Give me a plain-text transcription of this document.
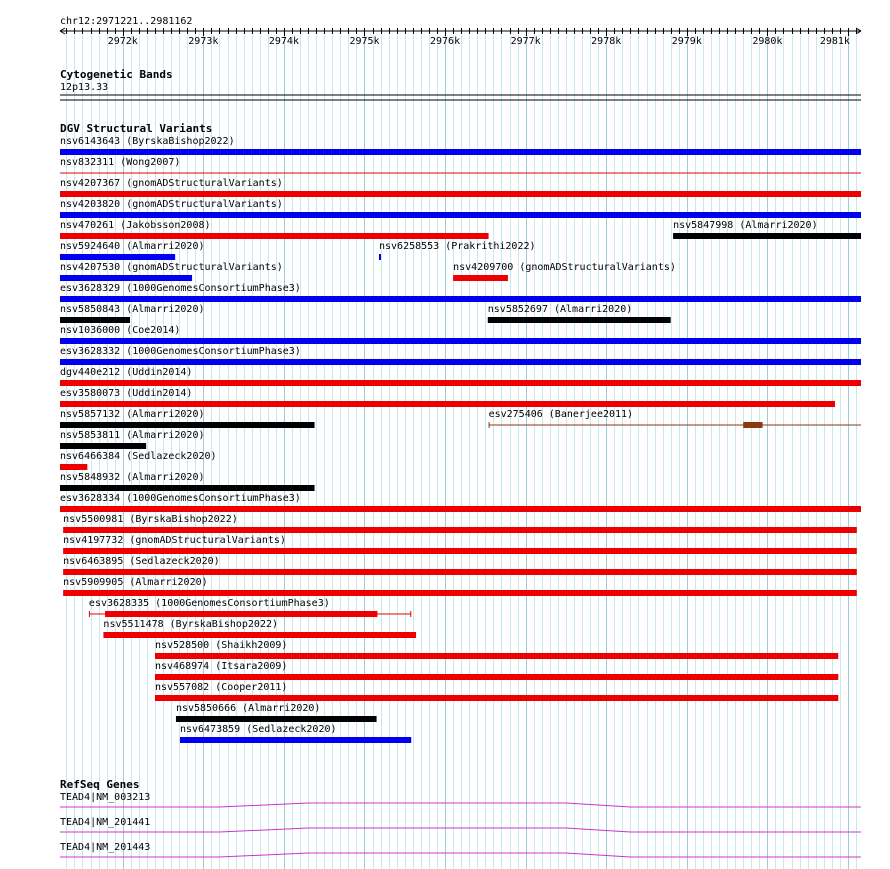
chr12:2971221..2981162
2972k	2973k	2974k	2975k	2976k	2977k	2978k	2979k	2980k	2981k
Cytogenetic Bands
12p13.33
DGV Structural Variants
nsv6143643 (ByrskaBishop2022)
nsv832311 (Wong2007)
nsv4207367 (gnomADStructuralVariants)
nsv4203820 (gnomADStructuralVariants)
nsv470261 (Jakobsson2008)	nsv5847998 (Almarri2020)
nsv5924640 (Almarri2020)	nsv6258553 (Prakrithi2022)
nsv4207530 (gnomADStructuralVariants)	nsv4209700 (gnomADStructuralVariants)
esv3628329 (1000GenomesConsortiumPhase3)
nsv5850843 (Almarri2020)	nsv5852697 (Almarri2020)
nsv1036000 (Coe2014)
esv3628332 (1000GenomesConsortiumPhase3)
dgv440e212 (Uddin2014)
esv3580073 (Uddin2014)
nsv5857132 (Almarri2020)	esv275406 (Banerjee2011)
nsv5853811 (Almarri2020)
nsv6466384 (Sedlazeck2020)
nsv5848932 (Almarri2020)
esv3628334 (1000GenomesConsortiumPhase3)
nsv5500981 (ByrskaBishop2022)
nsv4197732 (gnomADStructuralVariants)
nsv6463895 (Sedlazeck2020)
nsv5909905 (Almarri2020)
esv3628335 (1000GenomesConsortiumPhase3)
nsv5511478 (ByrskaBishop2022)
nsv528500 (Shaikh2009)
nsv468974 (Itsara2009)
nsv557082 (Cooper2011)
nsv5850666 (Almarri2020)
nsv6473859 (Sedlazeck2020)
RefSeq Genes
TEAD4|NM_003213
TEAD4|NM_201441
TEAD4|NM_201443
